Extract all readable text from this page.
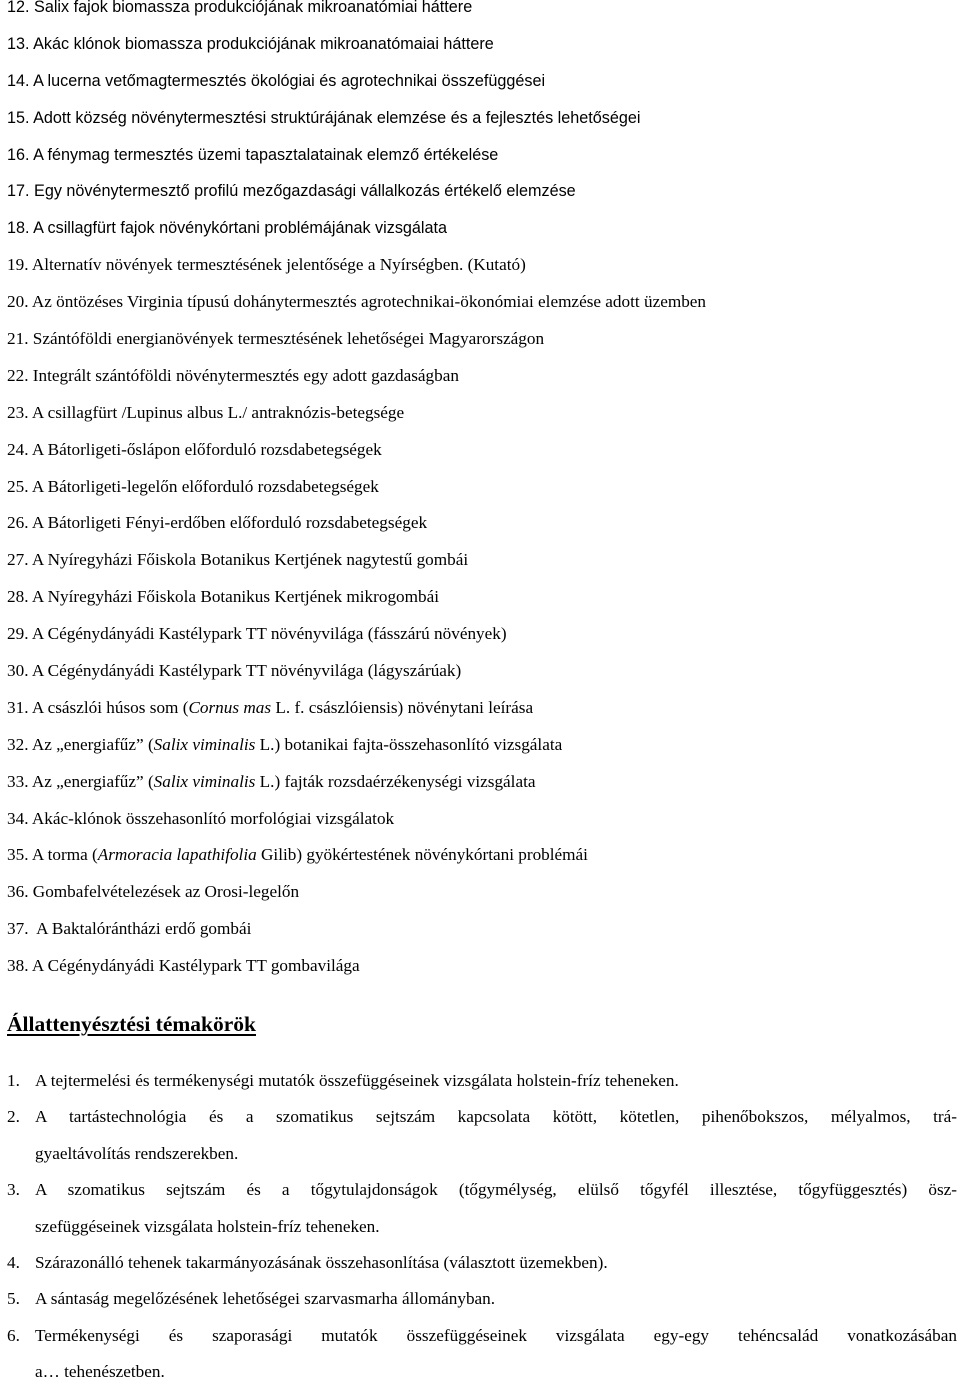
12. Salix fajok biomassza produkciójának mikroanatómiai háttere
13. Akác klónok biomassza produkciójának mikroanatómaiai háttere
14. A lucerna vetőmagtermesztés ökológiai és agrotechnikai összefüggései
15. Adott község növénytermesztési struktúrájának elemzése és a fejlesztés lehetőségei
16. A fénymag termesztés üzemi tapasztalatainak elemző értékelése
17. Egy növénytermesztő profilú mezőgazdasági vállalkozás értékelő elemzése
18. A csillagfürt fajok növénykórtani problémájának vizsgálata
19. Alternatív növények termesztésének jelentősége a Nyírségben. (Kutató)
20. Az öntözéses Virginia típusú dohánytermesztés agrotechnikai-ökonómiai elemzése adott üzemben
21. Szántóföldi energianövények termesztésének lehetőségei Magyarországon
22. Integrált szántóföldi növénytermesztés egy adott gazdaságban
23. A csillagfürt /Lupinus albus L./ antraknózis-betegsége
24. A Bátorligeti-őslápon előforduló rozsdabetegségek
25. A Bátorligeti-legelőn előforduló rozsdabetegségek
26. A Bátorligeti Fényi-erdőben előforduló rozsdabetegségek
27. A Nyíregyházi Főiskola Botanikus Kertjének nagytestű gombái
28. A Nyíregyházi Főiskola Botanikus Kertjének mikrogombái
29. A Cégénydányádi Kastélypark TT növényvilága (fásszárú növények)
30. A Cégénydányádi Kastélypark TT növényvilága (lágyszárúak)
31. A császlói húsos som (Cornus mas L. f. császlóiensis) növénytani leírása
32. Az „energiafűz” (Salix viminalis L.) botanikai fajta-összehasonlító vizsgálata
33. Az „energiafűz” (Salix viminalis L.) fajták rozsdaérzékenységi vizsgálata
34. Akác-klónok összehasonlító morfológiai vizsgálatok
35. A torma (Armoracia lapathifolia Gilib) gyökértestének növénykórtani problémái
36. Gombafelvételezések az Orosi-legelőn
37.  A Baktalórántházi erdő gombái
38. A Cégénydányádi Kastélypark TT gombavilága
Állattenyésztési témakörök
1. A tejtermelési és termékenységi mutatók összefüggéseinek vizsgálata holstein-fríz teheneken.
2. A tartástechnológia és a szomatikus sejtszám kapcsolata kötött, kötetlen, pihenőbokszos, mélyalmos, trá-
gyaeltávolítás rendszerekben.
3. A szomatikus sejtszám és a tőgytulajdonságok (tőgymélység, elülső tőgyfél illesztése, tőgyfüggesztés) ösz-
szefüggéseinek vizsgálata holstein-fríz teheneken.
4. Szárazonálló tehenek takarmányozásának összehasonlítása (választott üzemekben).
5. A sántaság megelőzésének lehetőségei szarvasmarha állományban.
6. Termékenységi és szaporasági mutatók összefüggéseinek vizsgálata egy-egy tehéncsalád vonatkozásában
a… tehenészetben.
